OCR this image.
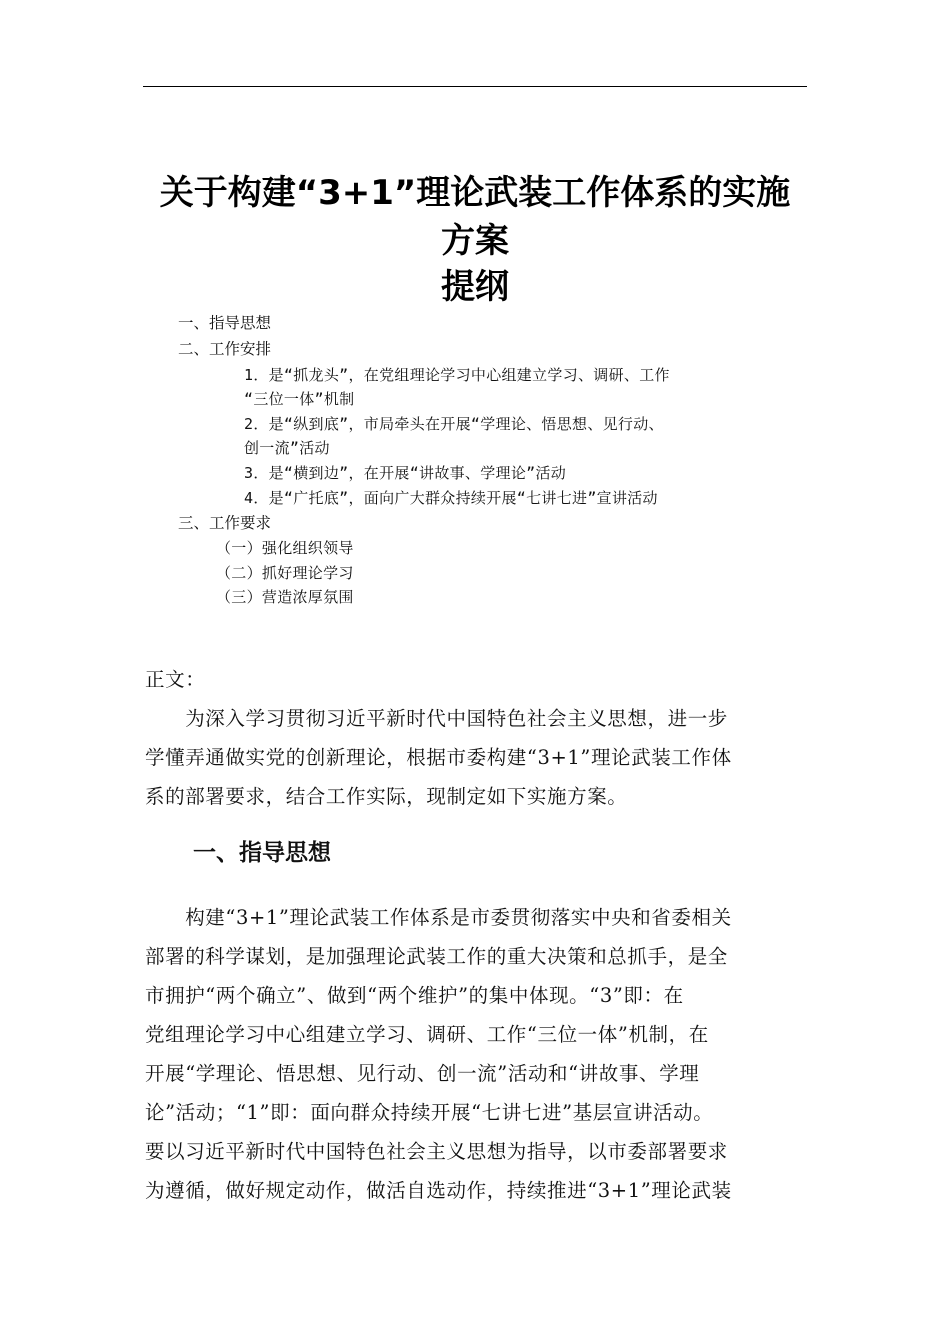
关于构建“3+1”理论武装工作体系的实施
方案
提纲
一、指导思想
二、工作安排
1．是“抓龙头”，在党组理论学习中心组建立学习、调研、工作
“三位一体”机制
2．是“纵到底”，市局牵头在开展“学理论、悟思想、见行动、
创一流”活动
3．是“横到边”，在开展“讲故事、学理论”活动
4．是“广托底”，面向广大群众持续开展“七讲七进”宣讲活动
三、工作要求
（一）强化组织领导
（二）抓好理论学习
（三）营造浓厚氛围
正文：
　　为深入学习贯彻习近平新时代中国特色社会主义思想，进一步
学懂弄通做实党的创新理论，根据市委构建“3+1”理论武装工作体
系的部署要求，结合工作实际，现制定如下实施方案。
一、指导思想
　　构建“3+1”理论武装工作体系是市委贯彻落实中央和省委相关
部署的科学谋划，是加强理论武装工作的重大决策和总抓手，是全
市拥护“两个确立”、做到“两个维护”的集中体现。“3”即：在
党组理论学习中心组建立学习、调研、工作“三位一体”机制，在
开展“学理论、悟思想、见行动、创一流”活动和“讲故事、学理
论”活动；“1”即：面向群众持续开展“七讲七进”基层宣讲活动。
要以习近平新时代中国特色社会主义思想为指导，以市委部署要求
为遵循，做好规定动作，做活自选动作，持续推进“3+1”理论武装
